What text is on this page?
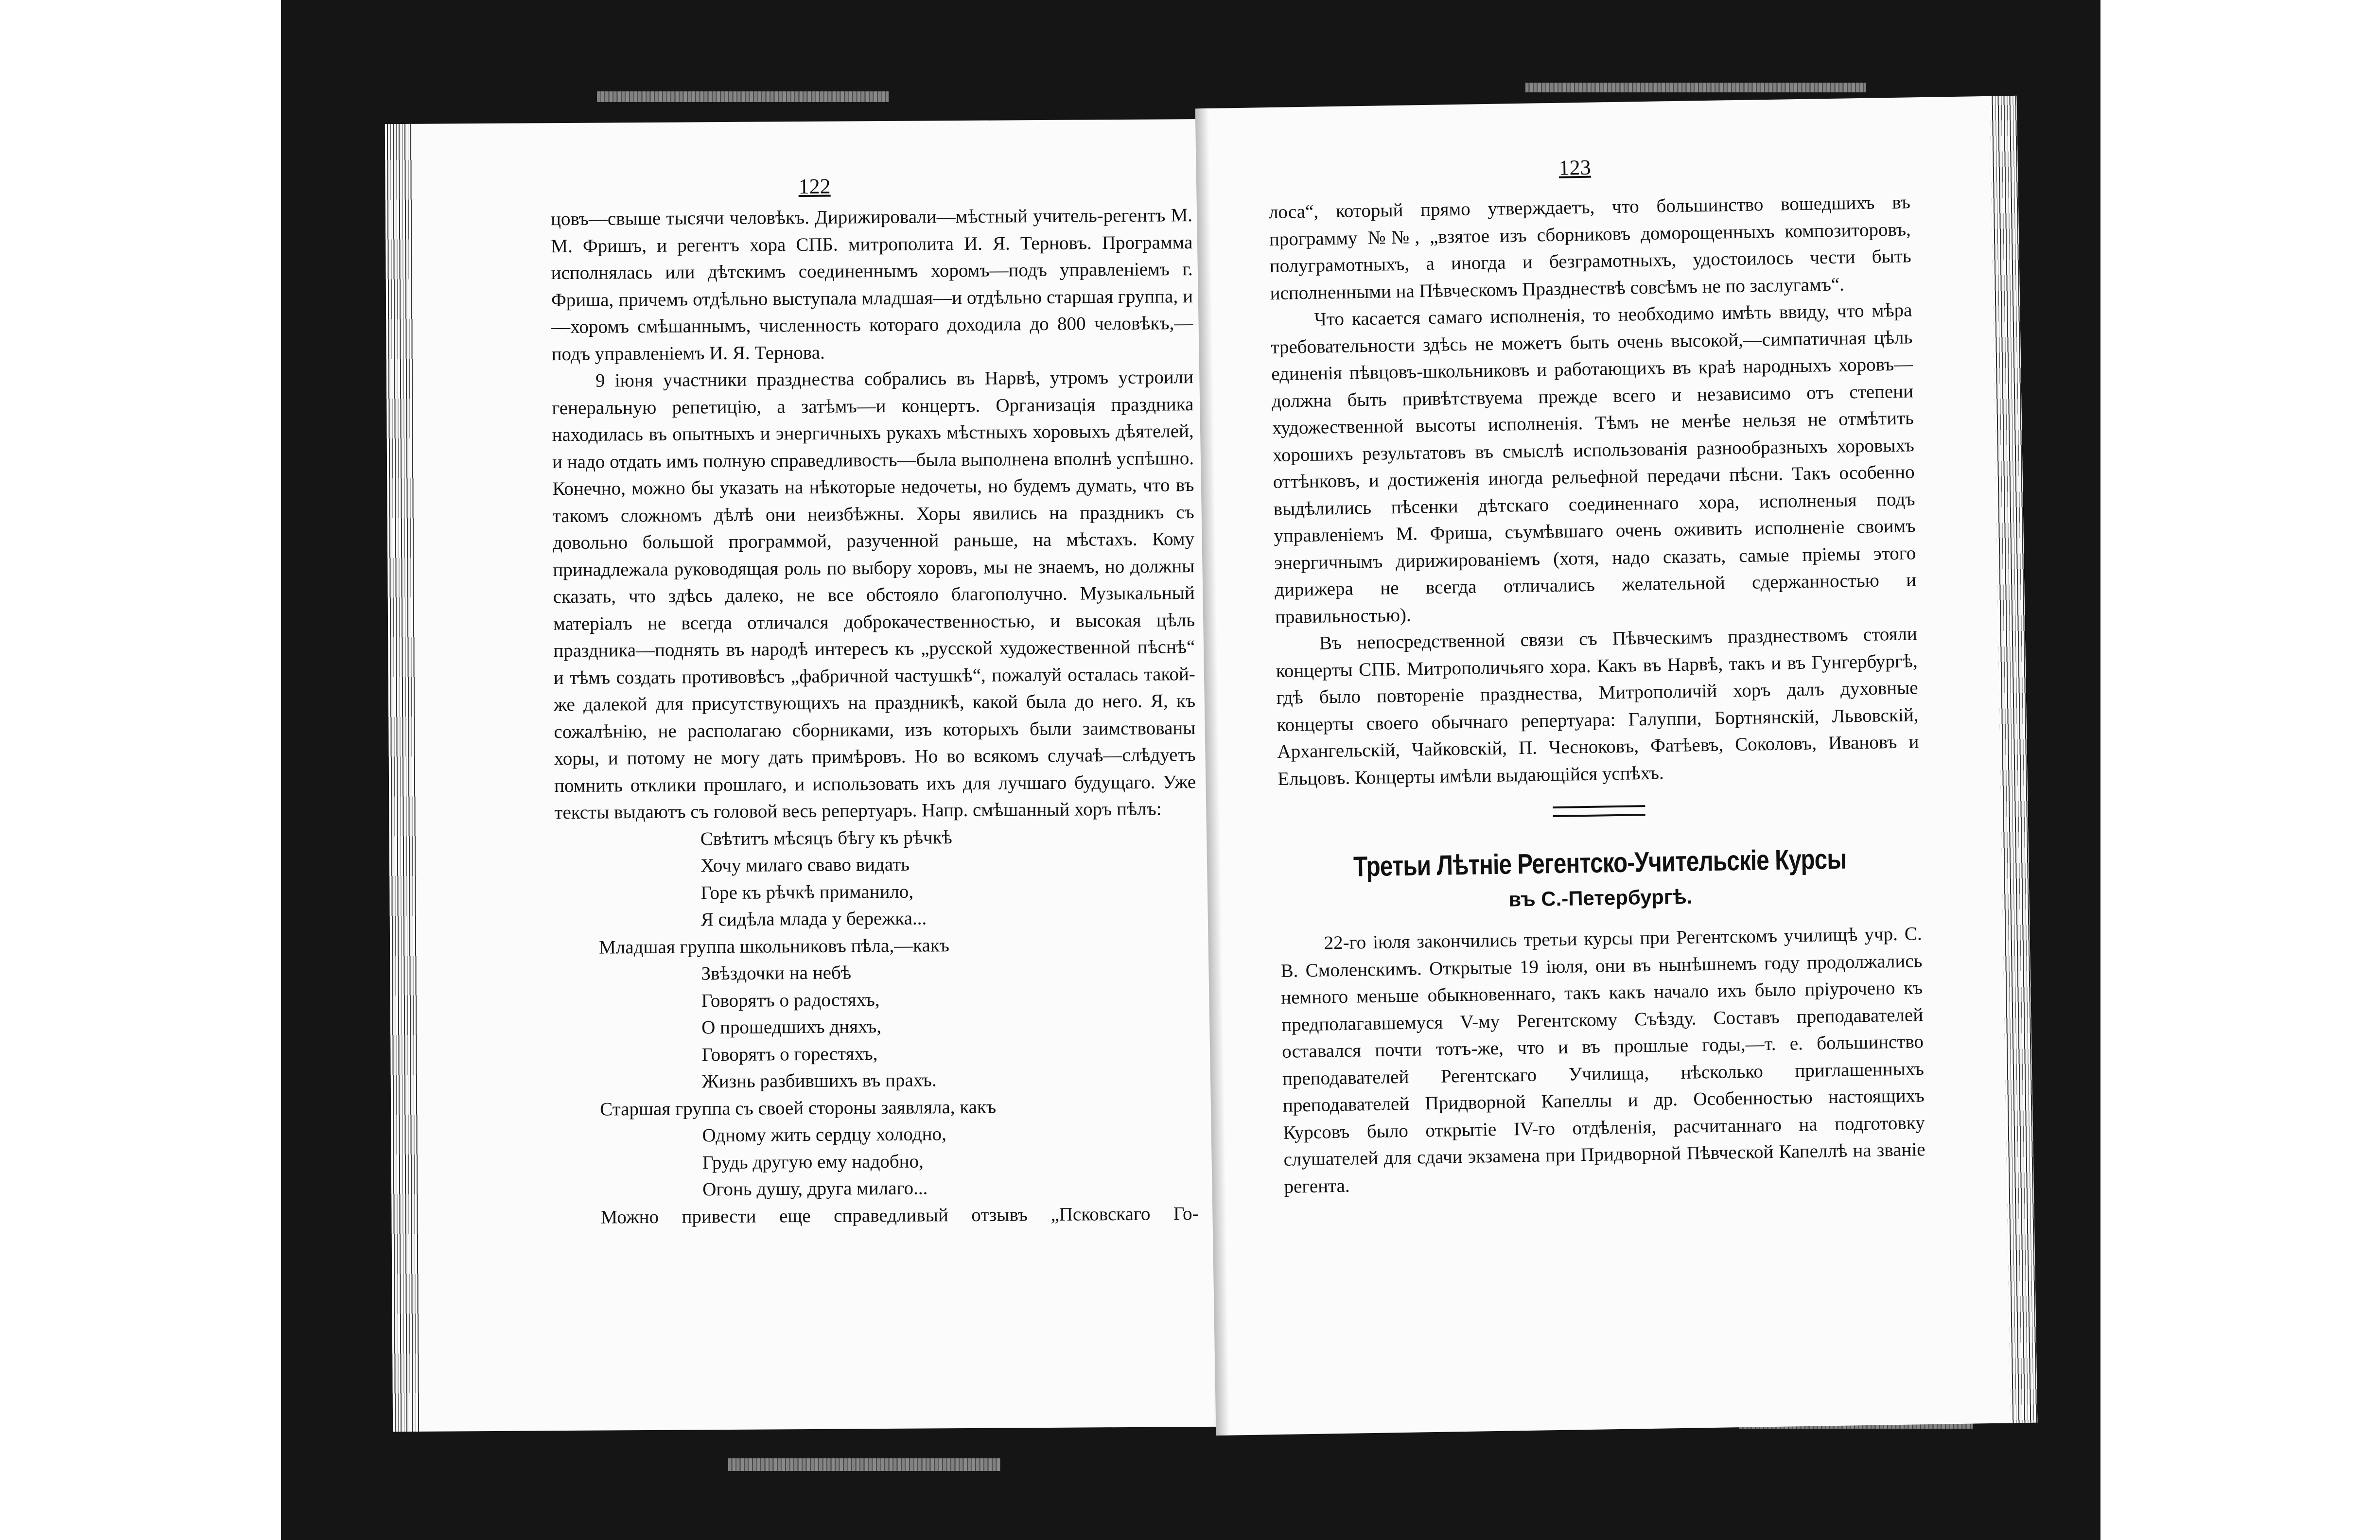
122

цовъ—свыше тысячи человѣкъ. Дирижировали—мѣстный учитель-регентъ М. М. Фришъ, и регентъ хора СПБ. митрополита И. Я. Терновъ. Программа исполнялась или дѣтскимъ соединеннымъ хоромъ—подъ управленіемъ г. Фриша, причемъ отдѣльно выступала младшая—и отдѣльно старшая группа, и—хоромъ смѣшаннымъ, численность котораго доходила до 800 человѣкъ,—подъ управленіемъ И. Я. Тернова.

9 іюня участники празднества собрались въ Нарвѣ, утромъ устроили генеральную репетицію, а затѣмъ—и концертъ. Организація праздника находилась въ опытныхъ и энергичныхъ рукахъ мѣстныхъ хоровыхъ дѣятелей, и надо отдать имъ полную справедливость—была выполнена вполнѣ успѣшно. Конечно, можно бы указать на нѣкоторые недочеты, но будемъ думать, что въ такомъ сложномъ дѣлѣ они неизбѣжны. Хоры явились на праздникъ съ довольно большой программой, разученной раньше, на мѣстахъ. Кому принадлежала руководящая роль по выбору хоровъ, мы не знаемъ, но должны сказать, что здѣсь далеко, не все обстояло благополучно. Музыкальный матеріалъ не всегда отличался доброкачественностью, и высокая цѣль праздника—поднять въ народѣ интересъ къ „русской художественной пѣснѣ“ и тѣмъ создать противовѣсъ „фабричной частушкѣ“, пожалуй осталась такой-же далекой для присутствующихъ на праздникѣ, какой была до него. Я, къ сожалѣнію, не располагаю сборниками, изъ которыхъ были заимствованы хоры, и потому не могу дать примѣровъ. Но во всякомъ случаѣ—слѣдуетъ помнить отклики прошлаго, и использовать ихъ для лучшаго будущаго. Уже тексты выдаютъ съ головой весь репертуаръ. Напр. смѣшанный хоръ пѣлъ:

Свѣтитъ мѣсяцъ бѣгу къ рѣчкѣ
Хочу милаго сваво видать
Горе къ рѣчкѣ приманило,
Я сидѣла млада у бережка...
Младшая группа школьниковъ пѣла,—какъ
Звѣздочки на небѣ
Говорятъ о радостяхъ,
О прошедшихъ дняхъ,
Говорятъ о горестяхъ,
Жизнь разбившихъ въ прахъ.
Старшая группа съ своей стороны заявляла, какъ
Одному жить сердцу холодно,
Грудь другую ему надобно,
Огонь душу, друга милаго...

Можно привести еще справедливый отзывъ „Псковскаго Го-

123

лоса“, который прямо утверждаетъ, что большинство вошедшихъ въ программу №№, „взятое изъ сборниковъ доморощенныхъ композиторовъ, полуграмотныхъ, а иногда и безграмотныхъ, удостоилось чести быть исполненными на Пѣвческомъ Празднествѣ совсѣмъ не по заслугамъ“.

Что касается самаго исполненія, то необходимо имѣть ввиду, что мѣра требовательности здѣсь не можетъ быть очень высокой,—симпатичная цѣль единенія пѣвцовъ-школьниковъ и работающихъ въ краѣ народныхъ хоровъ—должна быть привѣтствуема прежде всего и независимо отъ степени художественной высоты исполненія. Тѣмъ не менѣе нельзя не отмѣтить хорошихъ результатовъ въ смыслѣ использованія разнообразныхъ хоровыхъ оттѣнковъ, и достиженія иногда рельефной передачи пѣсни. Такъ особенно выдѣлились пѣсенки дѣтскаго соединеннаго хора, исполненыя подъ управленіемъ М. Фриша, съумѣвшаго очень оживить исполненіе своимъ энергичнымъ дирижированіемъ (хотя, надо сказать, самые пріемы этого дирижера не всегда отличались желательной сдержанностью и правильностью).

Въ непосредственной связи съ Пѣвческимъ празднествомъ стояли концерты СПБ. Митрополичьяго хора. Какъ въ Нарвѣ, такъ и въ Гунгербургѣ, гдѣ было повтореніе празднества, Митрополичій хоръ далъ духовные концерты своего обычнаго репертуара: Галуппи, Бортнянскій, Львовскій, Архангельскій, Чайковскій, П. Чесноковъ, Фатѣевъ, Соколовъ, Ивановъ и Ельцовъ. Концерты имѣли выдающійся успѣхъ.

Третьи Лѣтніе Регентско-Учительскіе Курсы
въ С.-Петербургѣ.

22-го іюля закончились третьи курсы при Регентскомъ училищѣ учр. С. В. Смоленскимъ. Открытые 19 іюля, они въ нынѣшнемъ году продолжались немного меньше обыкновеннаго, такъ какъ начало ихъ было пріурочено къ предполагавшемуся V-му Регентскому Съѣзду. Составъ преподавателей оставался почти тотъ-же, что и въ прошлые годы,—т. е. большинство преподавателей Регентскаго Училища, нѣсколько приглашенныхъ преподавателей Придворной Капеллы и др. Особенностью настоящихъ Курсовъ было открытіе IV-го отдѣленія, расчитаннаго на подготовку слушателей для сдачи экзамена при Придворной Пѣвческой Капеллѣ на званіе регента.
